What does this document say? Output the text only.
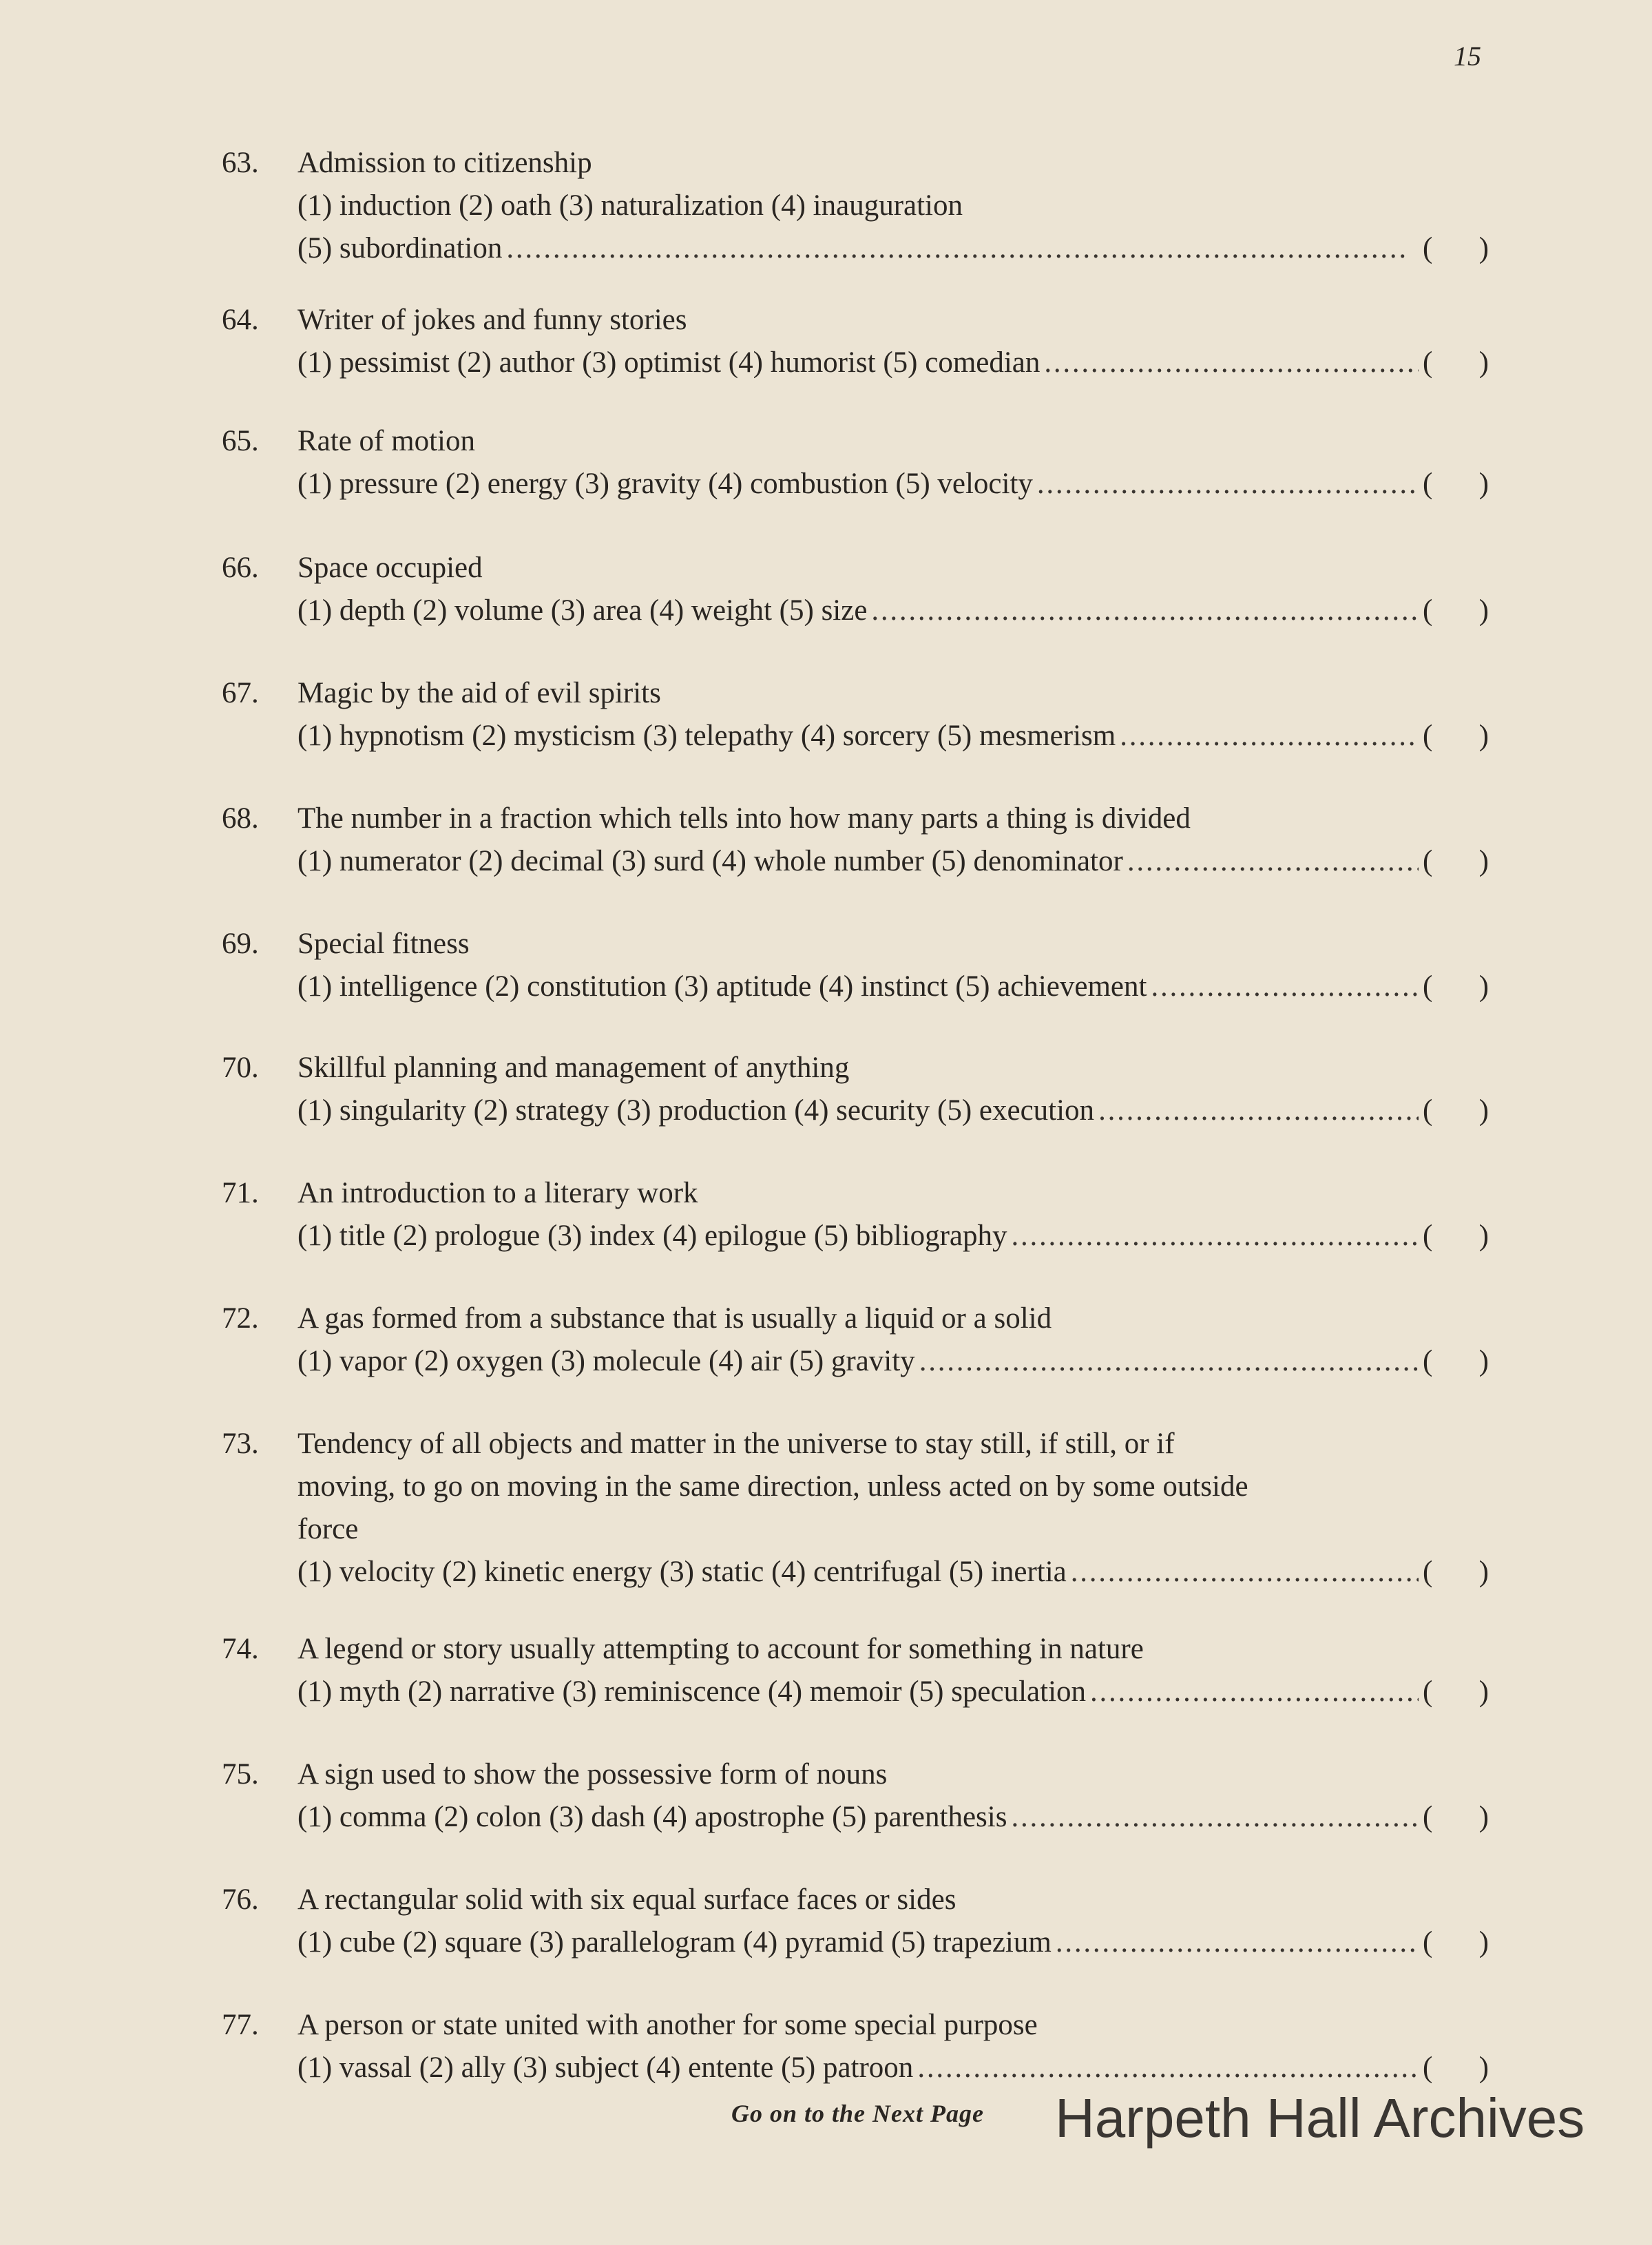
15
63. Admission to citizenship
(1) induction (2) oath (3) naturalization (4) inauguration
(5) subordination . . .	( )
64. Writer of jokes and funny stories
(1) pessimist (2) author (3) optimist (4) humorist (5) comedian . . .	( )
65. Rate of motion
(1) pressure (2) energy (3) gravity (4) combustion (5) velocity . . .	( )
66. Space occupied
(1) depth (2) volume (3) area (4) weight (5) size . . .	( )
67. Magic by the aid of evil spirits
(1) hypnotism (2) mysticism (3) telepathy (4) sorcery (5) mesmerism . . .	( )
68. The number in a fraction which tells into how many parts a thing is divided
(1) numerator (2) decimal (3) surd (4) whole number (5) denominator . . .	( )
69. Special fitness
(1) intelligence (2) constitution (3) aptitude (4) instinct (5) achievement . . .	( )
70. Skillful planning and management of anything
(1) singularity (2) strategy (3) production (4) security (5) execution . . .	( )
71. An introduction to a literary work
(1) title (2) prologue (3) index (4) epilogue (5) bibliography . . .	( )
72. A gas formed from a substance that is usually a liquid or a solid
(1) vapor (2) oxygen (3) molecule (4) air (5) gravity . . .	( )
73. Tendency of all objects and matter in the universe to stay still, if still, or if
moving, to go on moving in the same direction, unless acted on by some outside
force
(1) velocity (2) kinetic energy (3) static (4) centrifugal (5) inertia . . .	( )
74. A legend or story usually attempting to account for something in nature
(1) myth (2) narrative (3) reminiscence (4) memoir (5) speculation . . .	( )
75. A sign used to show the possessive form of nouns
(1) comma (2) colon (3) dash (4) apostrophe (5) parenthesis . . .	( )
76. A rectangular solid with six equal surface faces or sides
(1) cube (2) square (3) parallelogram (4) pyramid (5) trapezium . . .	( )
77. A person or state united with another for some special purpose
(1) vassal (2) ally (3) subject (4) entente (5) patroon . . .	( )
Go on to the Next Page Harpeth Hall Archives
